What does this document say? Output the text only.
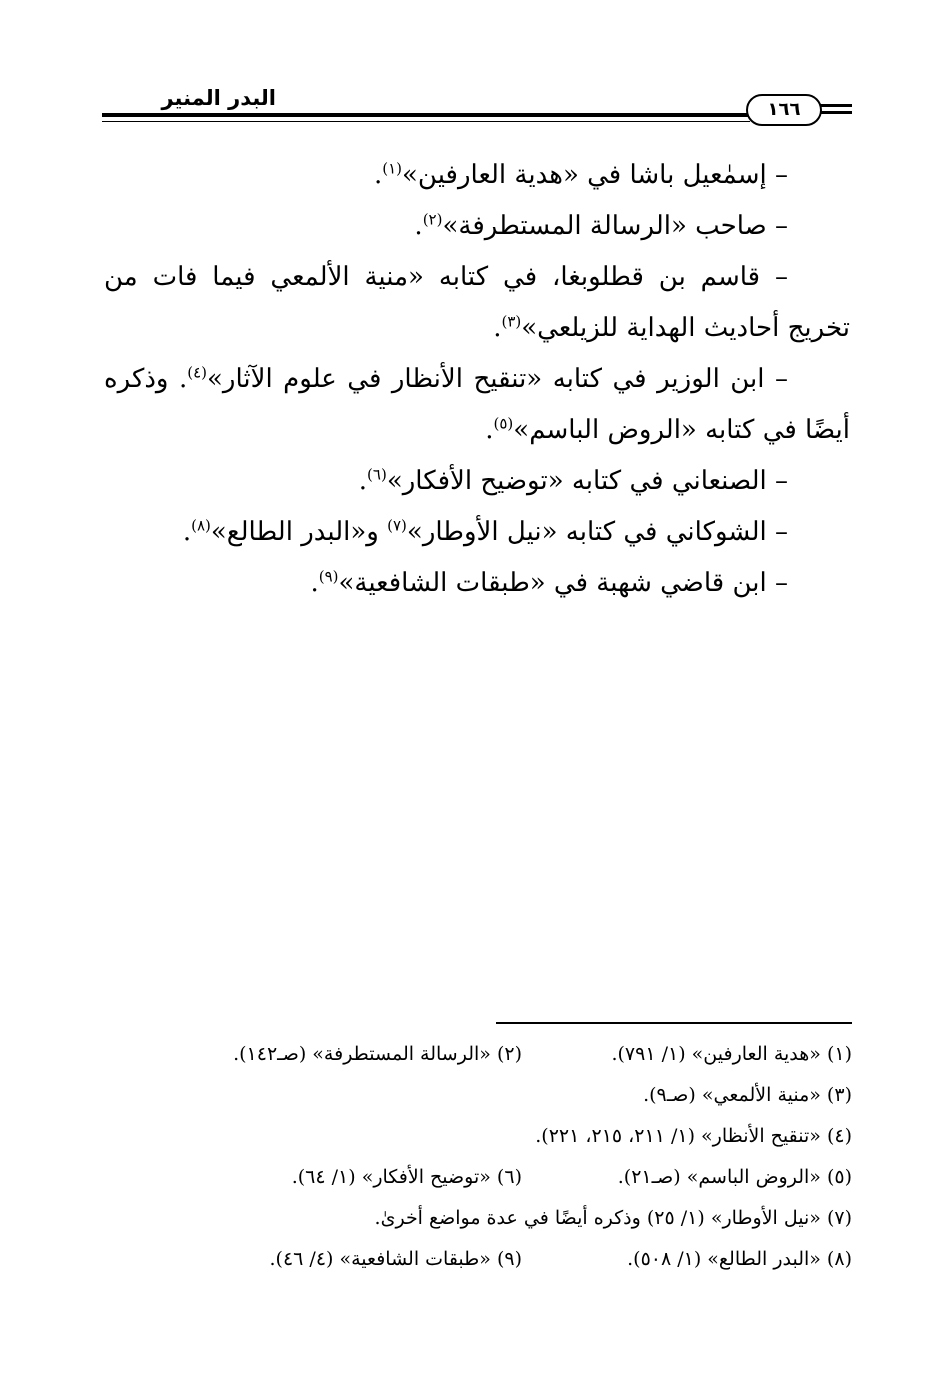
البدر المنير	١٦٦

– إسمٰعيل باشا في «هدية العارفين»$^{(١)}$.

– صاحب «الرسالة المستطرفة»$^{(٢)}$.

– قاسم بن قطلوبغا، في كتابه «منية الألمعي فيما فات من تخريج أحاديث الهداية للزيلعي»$^{(٣)}$.

– ابن الوزير في كتابه «تنقيح الأنظار في علوم الآثار»$^{(٤)}$. وذكره أيضًا في كتابه «الروض الباسم»$^{(٥)}$.

– الصنعاني في كتابه «توضيح الأفكار»$^{(٦)}$.

– الشوكاني في كتابه «نيل الأوطار»$^{(٧)}$ و«البدر الطالع»$^{(٨)}$.

– ابن قاضي شهبة في «طبقات الشافعية»$^{(٩)}$.

(١) «هدية العارفين» (١/ ٧٩١).
(٢) «الرسالة المستطرفة» (صـ١٤٢).
(٣) «منية الألمعي» (صـ٩).
(٤) «تنقيح الأنظار» (١/ ٢١١، ٢١٥، ٢٢١).
(٥) «الروض الباسم» (صـ٢١).
(٦) «توضيح الأفكار» (١/ ٦٤).
(٧) «نيل الأوطار» (١/ ٢٥) وذكره أيضًا في عدة مواضع أخرىٰ.
(٨) «البدر الطالع» (١/ ٥٠٨).
(٩) «طبقات الشافعية» (٤/ ٤٦).
